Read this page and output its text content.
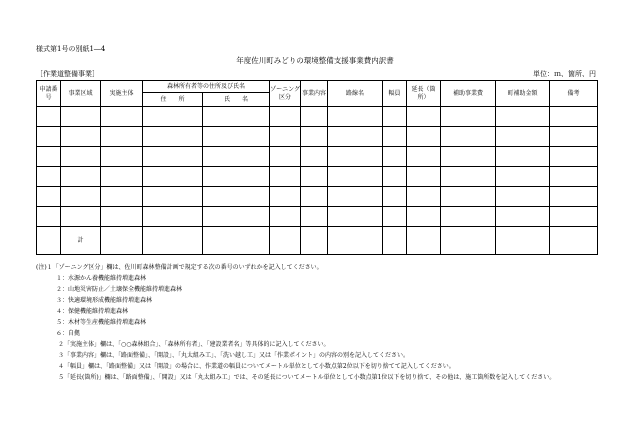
様式第1号の別紙1―4
年度佐川町みどりの環境整備支援事業費内訳書
［作業道整備事業］	単位：ｍ、箇所、円
申請番号	事業区域	実施主体	森林所有者等の住所及び氏名		ゾーニング区分	事業内容	路線名	幅員	延長（箇所）	補助事業費	町補助金額	備考
			住　　所	氏　　名								

	計											
(注)１「ゾーニング区分」欄は、佐川町森林整備計画で規定する次の番号のいずれかを記入してください。
１：水源かん養機能維持増進森林
２：山地災害防止／土壌保全機能維持増進森林
３：快適環境形成機能維持増進森林
４：保健機能維持増進森林
５：木材等生産機能維持増進森林
６：自拠
２「実施主体」欄は、「○○森林組合」、「森林所有者」、「建設業者名」等具体的に記入してください。
３「事業内容」欄は、「路面整備」、「開設」、「丸太組み工」、「洗い越し工」又は「作業ポイント」の内容の別を記入してください。
４「幅員」欄は、「路面整備」又は「開設」の場合に、作業道の幅員についてメートル単位として小数点第2位以下を切り捨てて記入してください。
５「延長(箇所)」欄は、「路面整備」、「開設」又は「丸太組み工」では、その延長についてメートル単位として小数点第1位以下を切り捨て、その他は、施工箇所数を記入してください。
